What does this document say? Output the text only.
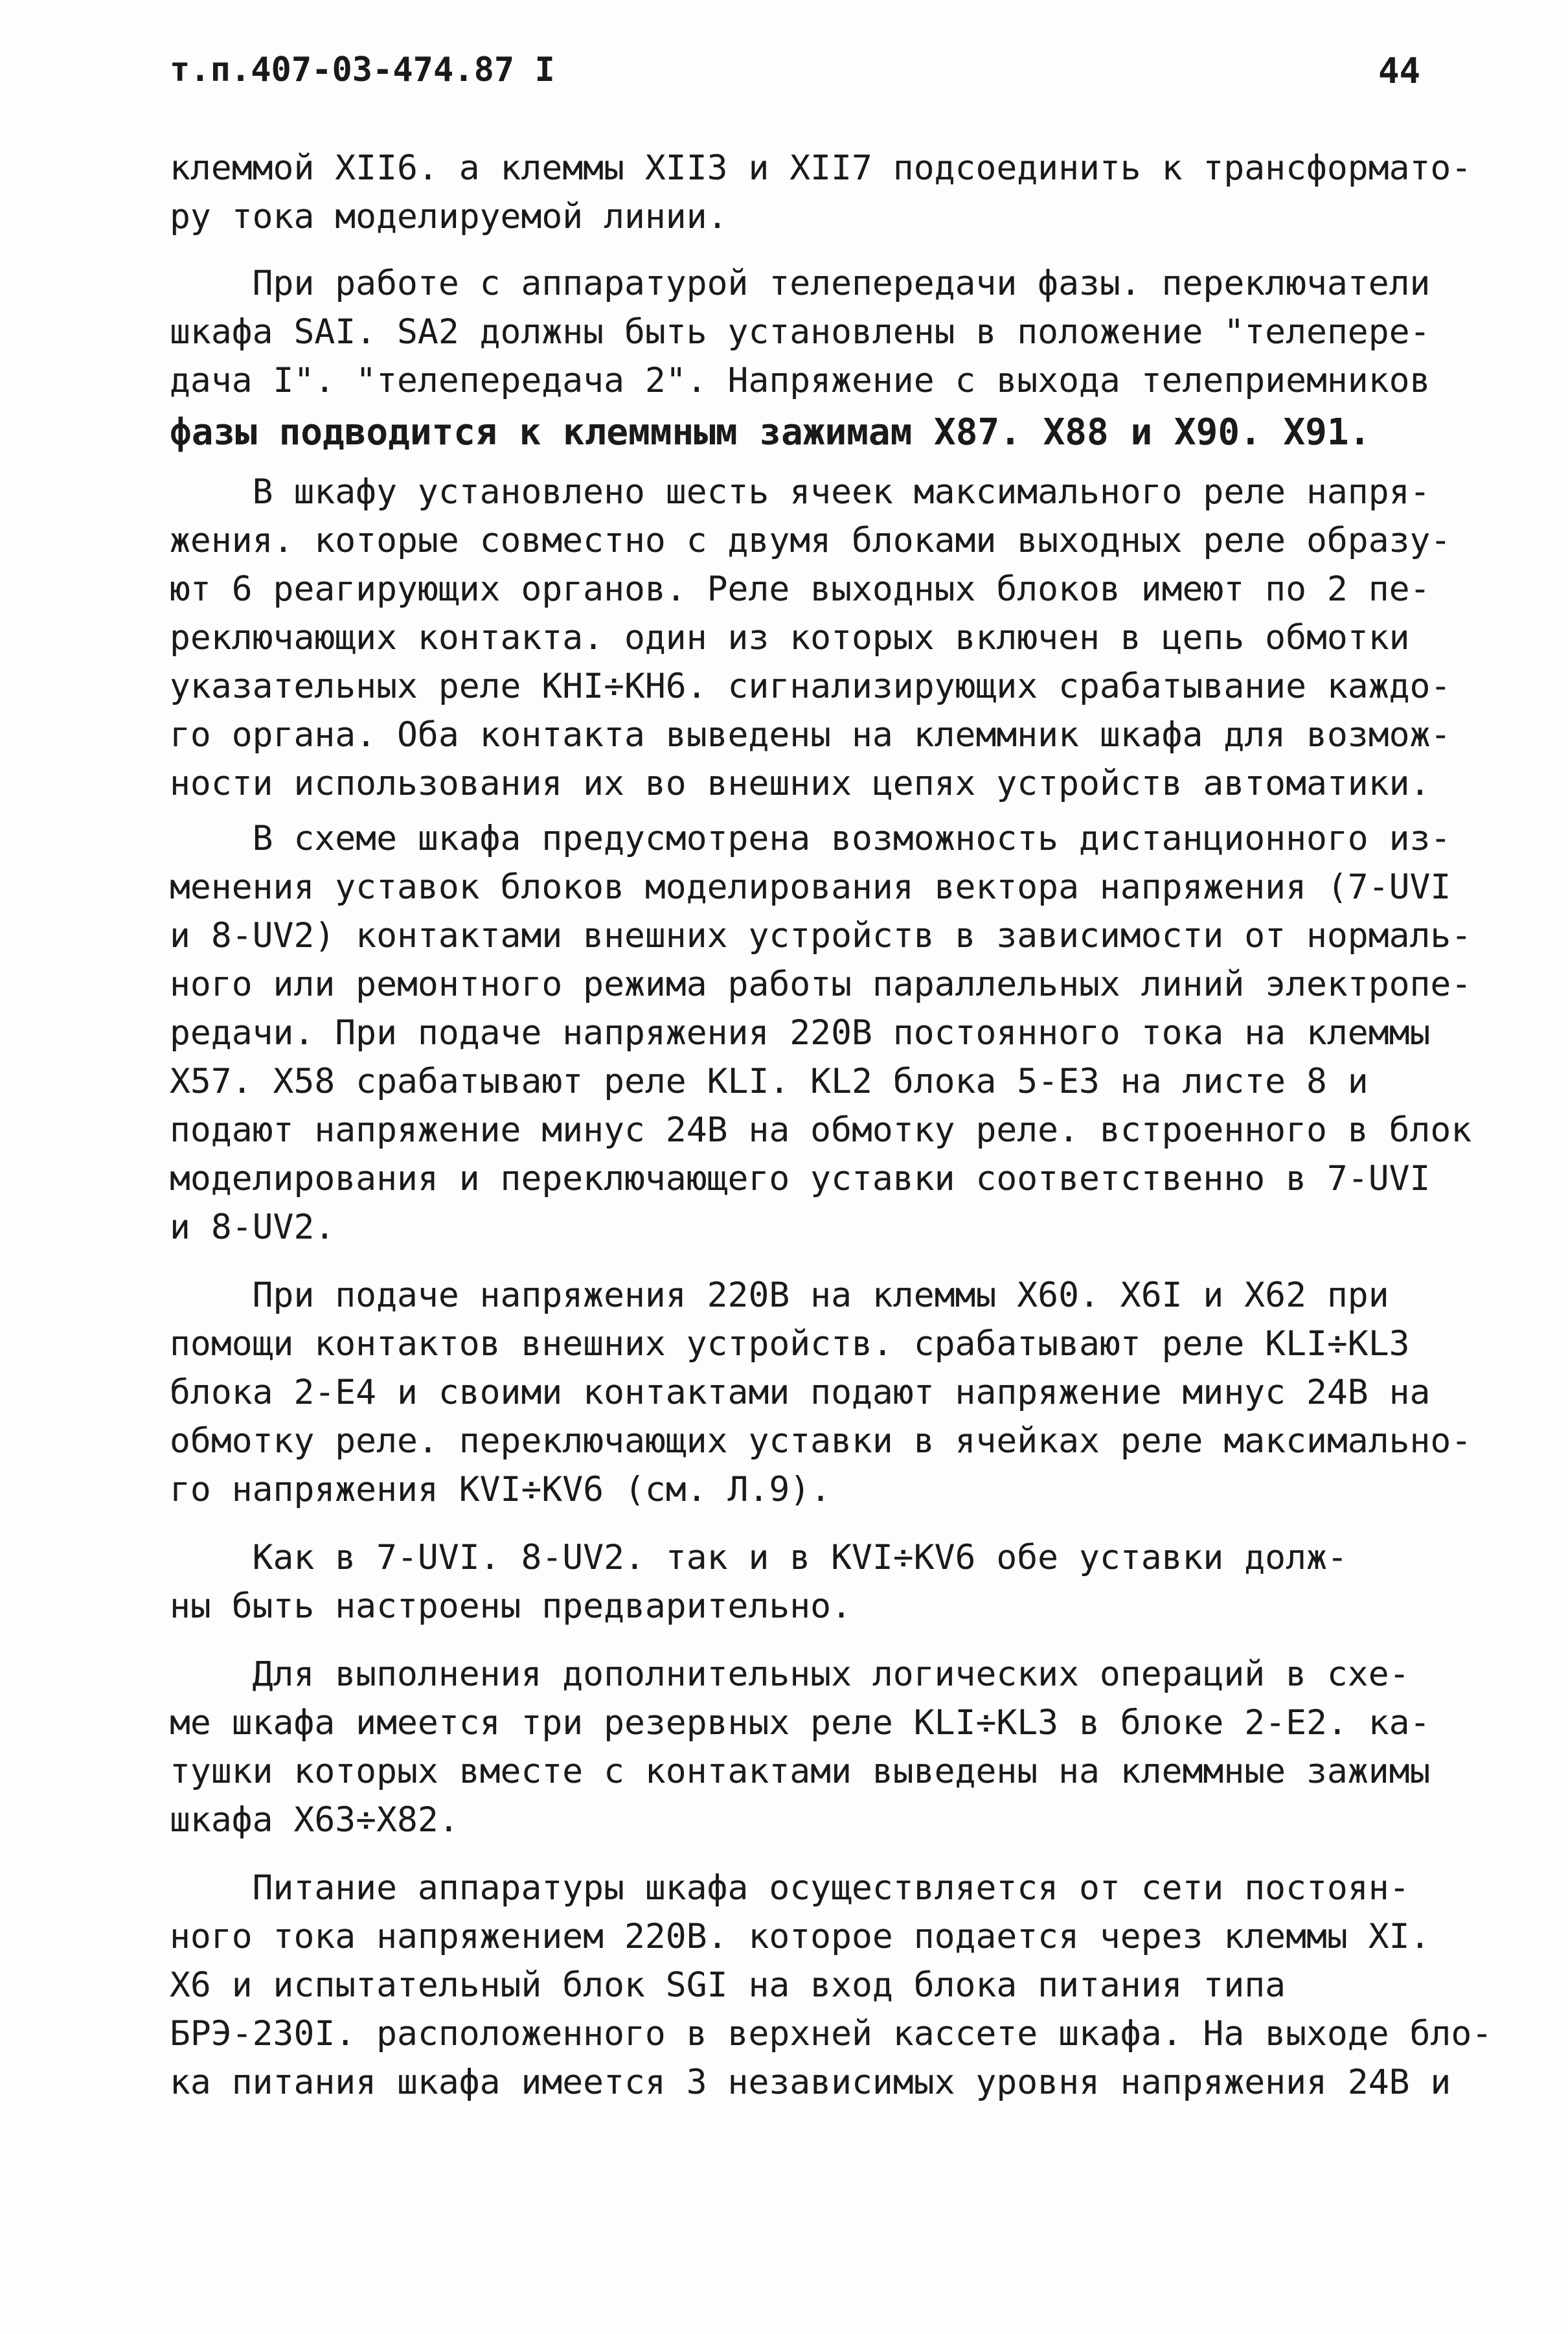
т.п.407-03-474.87 I	44
клеммой XII6. а клеммы XII3 и XII7 подсоединить к трансформато-
ру тока моделируемой линии.
При работе с аппаратурой телепередачи фазы. переключатели
шкафа SAI. SA2 должны быть установлены в положение "телепере-
дача I". "телепередача 2". Напряжение с выхода телеприемников
фазы подводится к клеммным зажимам X87. X88 и X90. X91.
В шкафу установлено шесть ячеек максимального реле напря-
жения. которые совместно с двумя блоками выходных реле образу-
ют 6 реагирующих органов. Реле выходных блоков имеют по 2 пе-
реключающих контакта. один из которых включен в цепь обмотки
указательных реле KHI÷KH6. сигнализирующих срабатывание каждо-
го органа. Оба контакта выведены на клеммник шкафа для возмож-
ности использования их во внешних цепях устройств автоматики.
В схеме шкафа предусмотрена возможность дистанционного из-
менения уставок блоков моделирования вектора напряжения (7-UVI
и 8-UV2) контактами внешних устройств в зависимости от нормаль-
ного или ремонтного режима работы параллельных линий электропе-
редачи. При подаче напряжения 220В постоянного тока на клеммы
X57. X58 срабатывают реле KLI. KL2 блока 5-E3 на листе 8 и
подают напряжение минус 24В на обмотку реле. встроенного в блок
моделирования и переключающего уставки соответственно в 7-UVI
и 8-UV2.
При подаче напряжения 220В на клеммы X60. X6I и X62 при
помощи контактов внешних устройств. срабатывают реле KLI÷KL3
блока 2-E4 и своими контактами подают напряжение минус 24В на
обмотку реле. переключающих уставки в ячейках реле максимально-
го напряжения KVI÷KV6 (см. Л.9).
Как в 7-UVI. 8-UV2. так и в KVI÷KV6 обе уставки долж-
ны быть настроены предварительно.
Для выполнения дополнительных логических операций в схе-
ме шкафа имеется три резервных реле KLI÷KL3 в блоке 2-E2. ка-
тушки которых вместе с контактами выведены на клеммные зажимы
шкафа X63÷X82.
Питание аппаратуры шкафа осуществляется от сети постоян-
ного тока напряжением 220В. которое подается через клеммы XI.
X6 и испытательный блок SGI на вход блока питания типа
БРЭ-230I. расположенного в верхней кассете шкафа. На выходе бло-
ка питания шкафа имеется 3 независимых уровня напряжения 24В и
